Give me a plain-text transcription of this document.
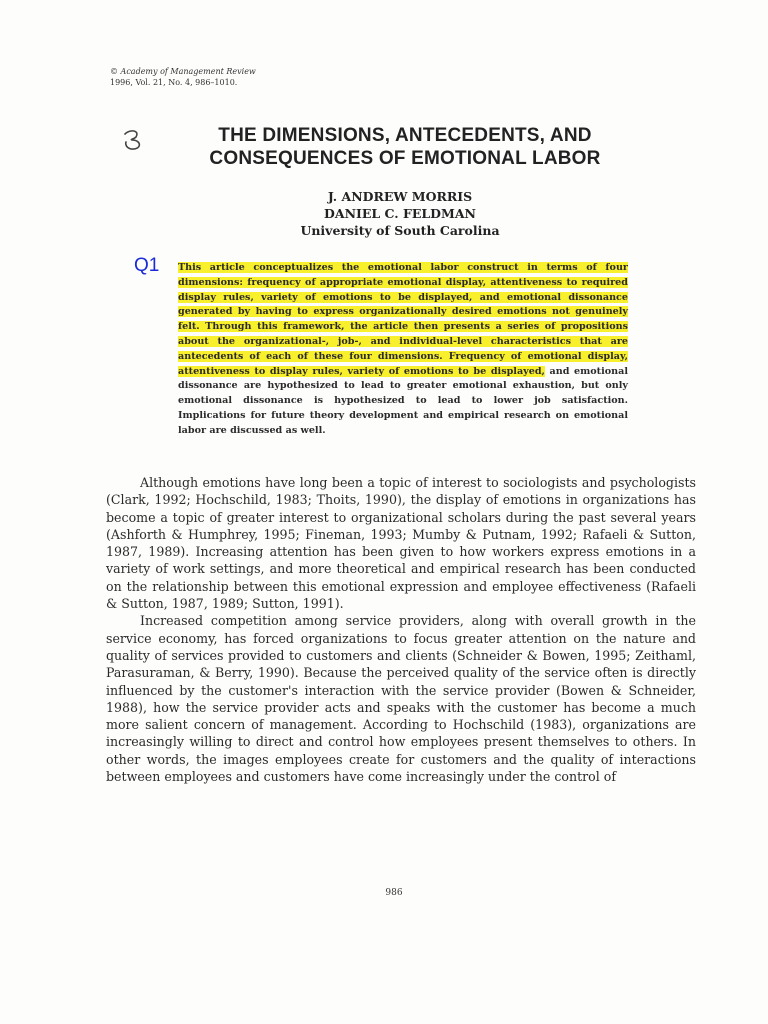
© Academy of Management Review
1996, Vol. 21, No. 4, 986–1010.
THE DIMENSIONS, ANTECEDENTS, AND
CONSEQUENCES OF EMOTIONAL LABOR
J. ANDREW MORRIS
DANIEL C. FELDMAN
University of South Carolina
Q1 This article conceptualizes the emotional labor construct in terms of four dimensions: frequency of appropriate emotional display, attentiveness to required display rules, variety of emotions to be displayed, and emotional dissonance generated by having to express organizationally desired emotions not genuinely felt. Through this framework, the article then presents a series of propositions about the organizational-, job-, and individual-level characteristics that are antecedents of each of these four dimensions. Frequency of emotional display, attentiveness to display rules, variety of emotions to be displayed, and emotional dissonance are hypothesized to lead to greater emotional exhaustion, but only emotional dissonance is hypothesized to lead to lower job satisfaction. Implications for future theory development and empirical research on emotional labor are discussed as well.

Although emotions have long been a topic of interest to sociologists and psychologists (Clark, 1992; Hochschild, 1983; Thoits, 1990), the display of emotions in organizations has become a topic of greater interest to organizational scholars during the past several years (Ashforth & Humphrey, 1995; Fineman, 1993; Mumby & Putnam, 1992; Rafaeli & Sutton, 1987, 1989). Increasing attention has been given to how workers express emotions in a variety of work settings, and more theoretical and empirical research has been conducted on the relationship between this emotional expression and employee effectiveness (Rafaeli & Sutton, 1987, 1989; Sutton, 1991).

Increased competition among service providers, along with overall growth in the service economy, has forced organizations to focus greater attention on the nature and quality of services provided to customers and clients (Schneider & Bowen, 1995; Zeithaml, Parasuraman, & Berry, 1990). Because the perceived quality of the service often is directly influenced by the customer's interaction with the service provider (Bowen & Schneider, 1988), how the service provider acts and speaks with the customer has become a much more salient concern of management. According to Hochschild (1983), organizations are increasingly willing to direct and control how employees present themselves to others. In other words, the images employees create for customers and the quality of interactions between employees and customers have come increasingly under the control of

986
